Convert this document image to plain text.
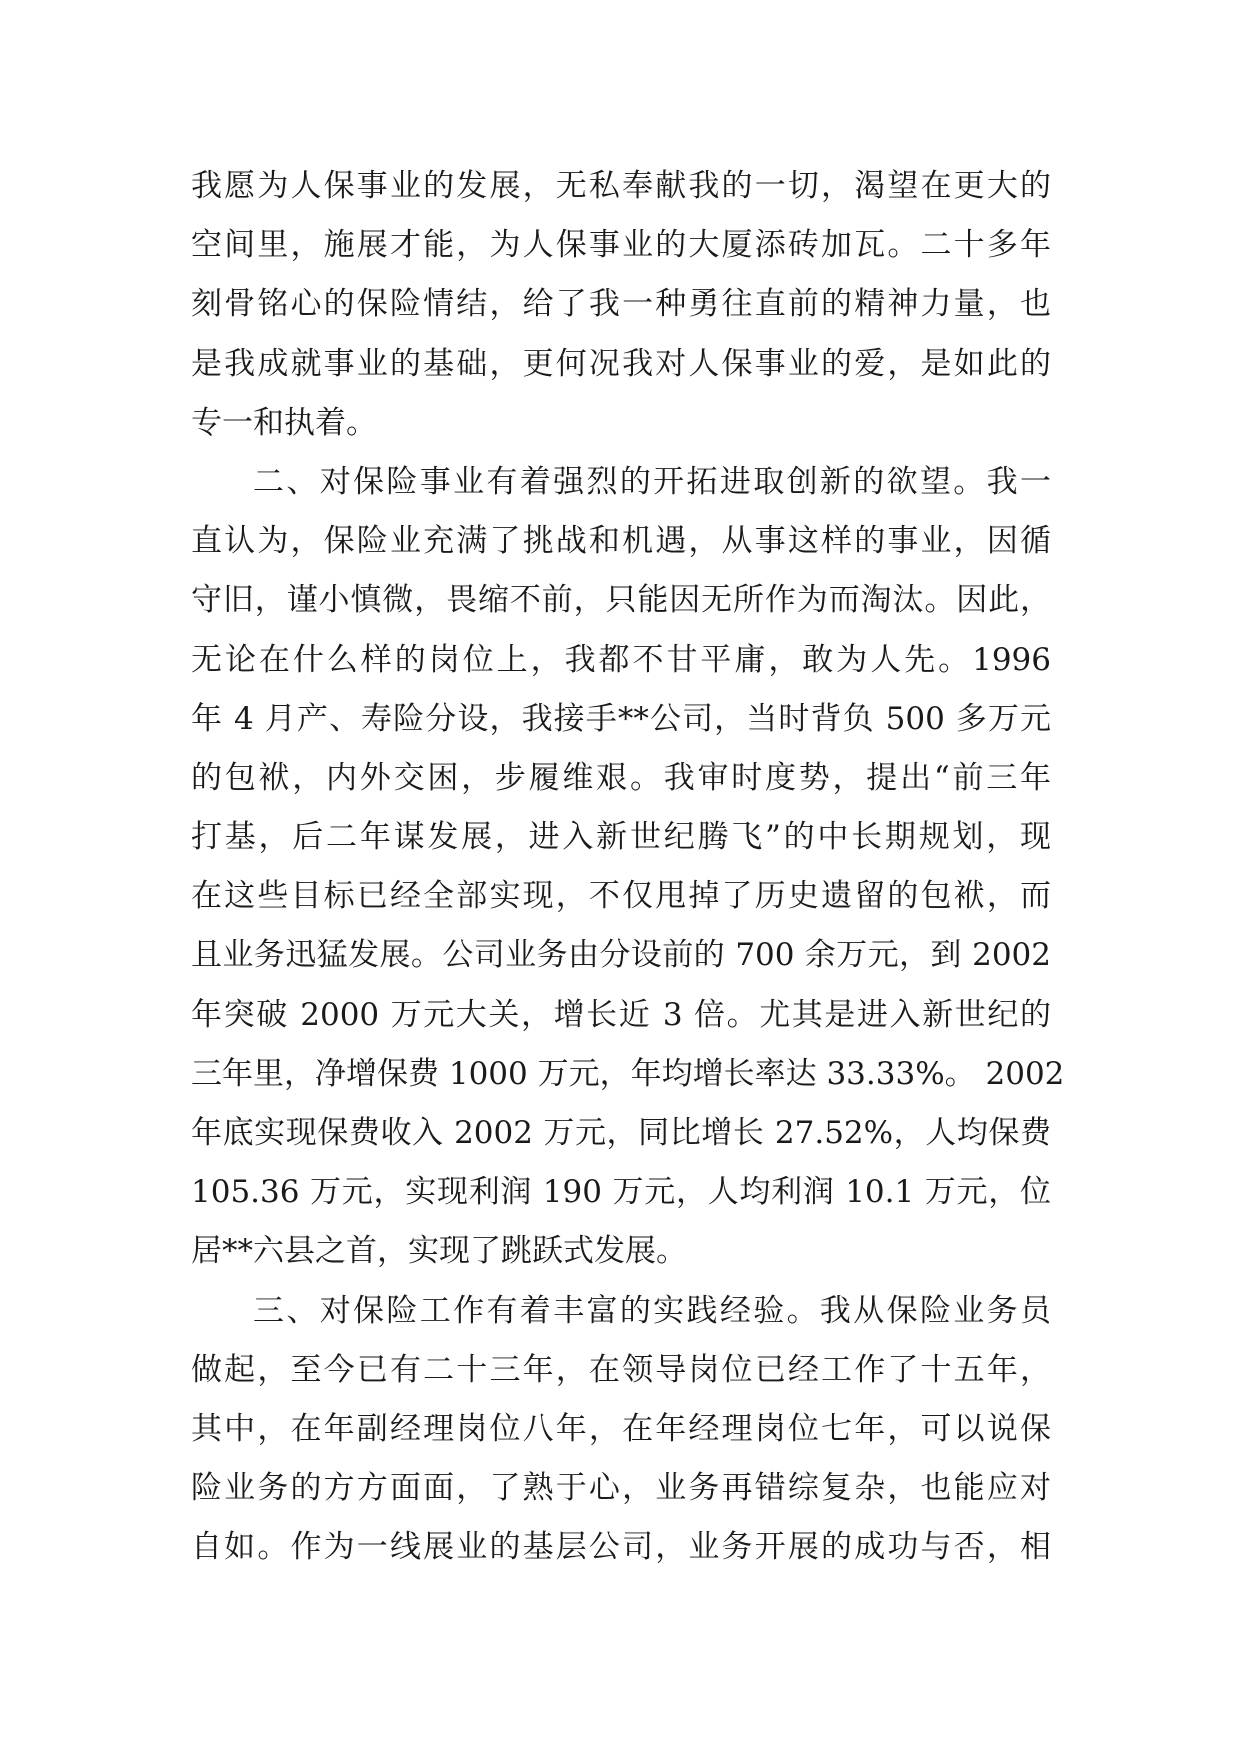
我愿为人保事业的发展，无私奉献我的一切，渴望在更大的
空间里，施展才能，为人保事业的大厦添砖加瓦。二十多年
刻骨铭心的保险情结，给了我一种勇往直前的精神力量，也
是我成就事业的基础，更何况我对人保事业的爱，是如此的
专一和执着。
二、对保险事业有着强烈的开拓进取创新的欲望。我一
直认为，保险业充满了挑战和机遇，从事这样的事业，因循
守旧，谨小慎微，畏缩不前，只能因无所作为而淘汰。因此，
无论在什么样的岗位上，我都不甘平庸，敢为人先。1996
年 4 月产、寿险分设，我接手**公司，当时背负 500 多万元
的包袱，内外交困，步履维艰。我审时度势，提出“前三年
打基，后二年谋发展，进入新世纪腾飞”的中长期规划，现
在这些目标已经全部实现，不仅甩掉了历史遗留的包袱，而
且业务迅猛发展。公司业务由分设前的 700 余万元，到 2002
年突破 2000 万元大关，增长近 3 倍。尤其是进入新世纪的
三年里，净增保费 1000 万元，年均增长率达 33.33%。 2002
年底实现保费收入 2002 万元，同比增长 27.52%，人均保费
105.36 万元，实现利润 190 万元，人均利润 10.1 万元，位
居**六县之首，实现了跳跃式发展。
三、对保险工作有着丰富的实践经验。我从保险业务员
做起，至今已有二十三年，在领导岗位已经工作了十五年，
其中，在年副经理岗位八年，在年经理岗位七年，可以说保
险业务的方方面面，了熟于心，业务再错综复杂，也能应对
自如。作为一线展业的基层公司，业务开展的成功与否，相
